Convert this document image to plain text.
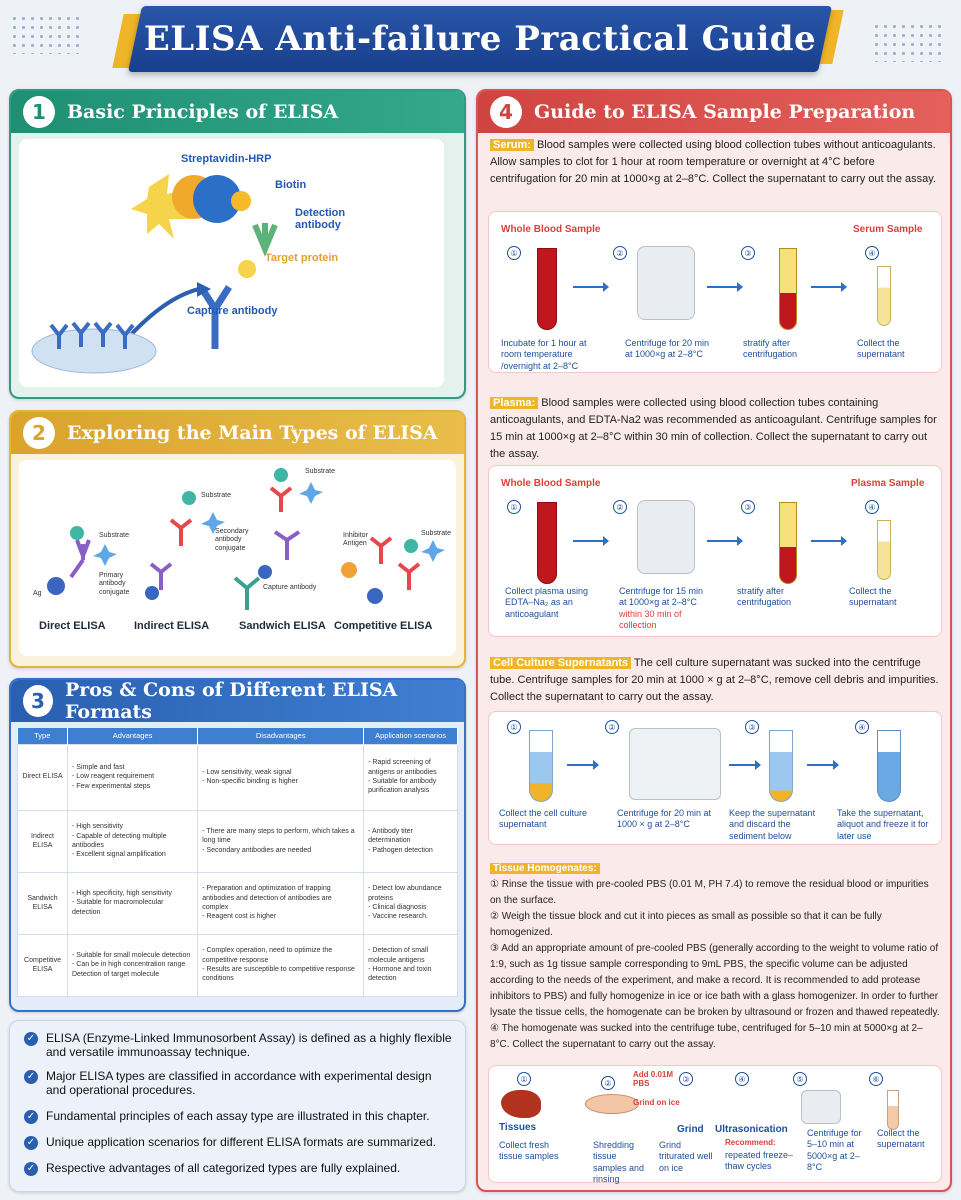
ELISA Anti-failure Practical Guide
1	Basic Principles of ELISA
Streptavidin-HRP
Biotin
Detection antibody
Target protein
Capture antibody
2	Exploring the Main Types of ELISA
Substrate
Ag
Primary antibody conjugate
Substrate
Secondary antibody conjugate
Substrate
Capture antibody
Inhibitor Antigen
Substrate
Direct ELISA	Indirect ELISA	Sandwich ELISA Competitive ELISA
3	Pros & Cons of Different ELISA Formats
Type	Advantages	Disadvantages	Application scenarios
Direct ELISA	- Simple and fast
- Low reagent requirement
- Few experimental steps	- Low sensitivity, weak signal
- Non-specific binding is higher	- Rapid screening of antigens or antibodies
- Suitable for antibody purification analysis
Indirect ELISA	- High sensitivity
- Capable of detecting multiple antibodies
- Excellent signal amplification	- There are many steps to perform, which takes a long time
- Secondary antibodies are needed	- Antibody titer determination
- Pathogen detection
Sandwich ELISA	- High specificity, high sensitivity
- Suitable for macromolecular detection	- Preparation and optimization of trapping antibodies and detection of antibodies are complex
- Reagent cost is higher	- Detect low abundance proteins
- Clinical diagnosis
- Vaccine research.
Competitive ELISA	- Suitable for small molecule detection
- Can be in high concentration range Detection of target molecule	- Complex operation, need to optimize the competitive response
- Results are susceptible to competitive response conditions	- Detection of small molecule antigens
- Hormone and toxin detection
✓ ELISA (Enzyme-Linked Immunosorbent Assay) is defined as a highly flexible and versatile immunoassay technique.
✓ Major ELISA types are classified in accordance with experimental design and operational procedures.
✓ Fundamental principles of each assay type are illustrated in this chapter.
✓ Unique application scenarios for different ELISA formats are summarized.
✓ Respective advantages of all categorized types are fully explained.
4	Guide to ELISA Sample Preparation
Serum: Blood samples were collected using blood collection tubes without anticoagulants. Allow samples to clot for 1 hour at room temperature or overnight at 4°C before centrifugation for 20 min at 1000×g at 2–8°C. Collect the supernatant to carry out the assay.
Whole Blood Sample	Serum Sample
①	②	③	④
Incubate for 1 hour at room temperature /overnight at 2–8°C
Centrifuge for 20 min at 1000×g at 2–8°C
stratify after centrifugation
Collect the supernatant
Plasma: Blood samples were collected using blood collection tubes containing anticoagulants, and EDTA-Na2 was recommended as anticoagulant. Centrifuge samples for 15 min at 1000×g at 2–8°C within 30 min of collection. Collect the supernatant to carry out the assay.
Whole Blood Sample	Plasma Sample
①	②	③	④
Collect plasma using EDTA–Na₂ as an anticoagulant
Centrifuge for 15 min at 1000×g at 2–8°C
within 30 min of collection
stratify after centrifugation
Collect the supernatant
Cell Culture Supernatants The cell culture supernatant was sucked into the centrifuge tube. Centrifuge samples for 20 min at 1000 × g at 2–8°C, remove cell debris and impurities. Collect the supernatant to carry out the assay.
①	②	③	④
Collect the cell culture supernatant
Centrifuge for 20 min at 1000 × g at 2–8°C
Keep the supernatant and discard the sediment below
Take the supernatant, aliquot and freeze it for later use
Tissue Homogenates:
① Rinse the tissue with pre-cooled PBS (0.01 M, PH 7.4) to remove the residual blood or impurities on the surface.
② Weigh the tissue block and cut it into pieces as small as possible so that it can be fully homogenized.
③ Add an appropriate amount of pre-cooled PBS (generally according to the weight to volume ratio of 1:9, such as 1g tissue sample corresponding to 9mL PBS, the specific volume can be adjusted according to the needs of the experiment, and make a record. It is recommended to add protease inhibitors to PBS) and fully homogenize in ice or ice bath with a glass homogenizer. In order to further lysate the tissue cells, the homogenate can be broken by ultrasound or frozen and thawed repeatedly.
④ The homogenate was sucked into the centrifuge tube, centrifuged for 5–10 min at 5000×g at 2–8°C. Collect the supernatant to carry out the assay.
①	②	③	④	⑤	⑥
Tissues
Add 0.01M PBS
Grind on ice
Grind Ultrasonication
Recommend:
Collect fresh tissue samples
Shredding tissue samples and rinsing
Grind triturated well on ice
repeated freeze–thaw cycles
Centrifuge for 5–10 min at 5000×g at 2–8°C
Collect the supernatant
